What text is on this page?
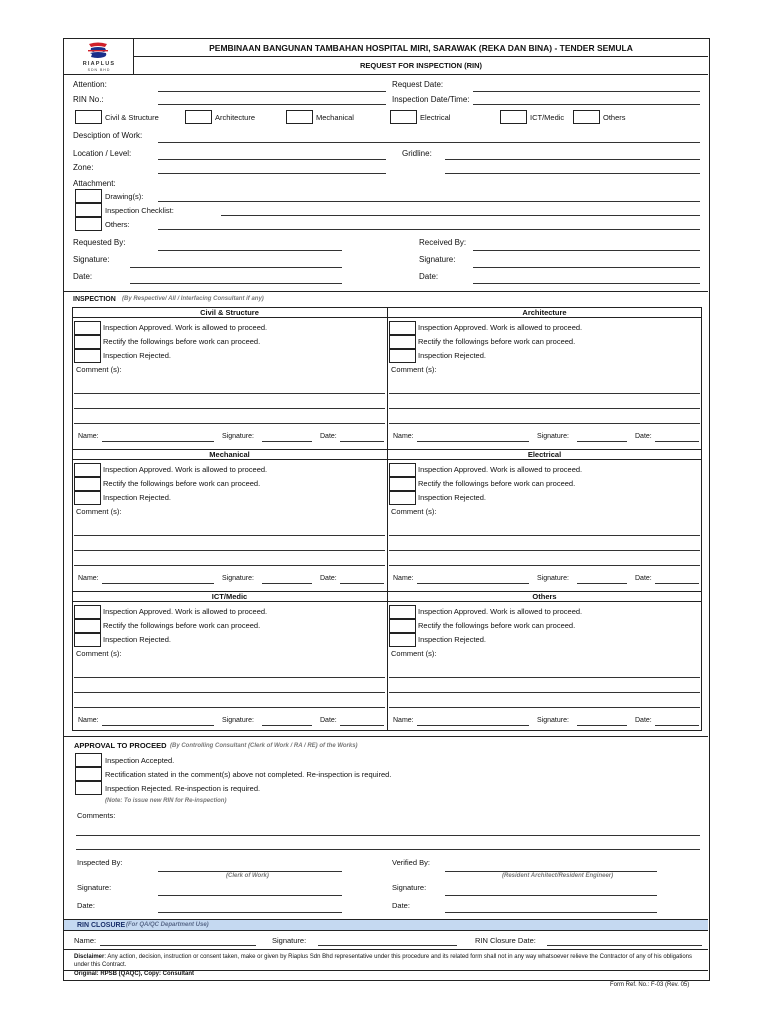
RIAPLUS
SDN BHD
PEMBINAAN BANGUNAN TAMBAHAN HOSPITAL MIRI, SARAWAK (REKA DAN BINA) - TENDER SEMULA
REQUEST FOR INSPECTION (RIN)
Attention:	Request Date:
RIN No.:	Inspection Date/Time:
Civil & Structure	Architecture	Mechanical	Electrical	ICT/Medic	Others
Desciption of Work:
Location / Level:	Gridline:
Zone:
Attachment:
Drawing(s):
Inspection Checklist:
Others:
Requested By:	Received By:
Signature:	Signature:
Date:	Date:
INSPECTION (By Respective/ All / Interfacing Consultant if any)
Civil & Structure
Inspection Approved. Work is allowed to proceed.
Rectify the followings before work can proceed.
Inspection Rejected.
Comment (s):
Name:	Signature:	Date:
Architecture
Inspection Approved. Work is allowed to proceed.
Rectify the followings before work can proceed.
Inspection Rejected.
Comment (s):
Name:	Signature:	Date:
Mechanical
Inspection Approved. Work is allowed to proceed.
Rectify the followings before work can proceed.
Inspection Rejected.
Comment (s):
Name:	Signature:	Date:
Electrical
Inspection Approved. Work is allowed to proceed.
Rectify the followings before work can proceed.
Inspection Rejected.
Comment (s):
Name:	Signature:	Date:
ICT/Medic
Inspection Approved. Work is allowed to proceed.
Rectify the followings before work can proceed.
Inspection Rejected.
Comment (s):
Name:	Signature:	Date:
Others
Inspection Approved. Work is allowed to proceed.
Rectify the followings before work can proceed.
Inspection Rejected.
Comment (s):
Name:	Signature:	Date:
APPROVAL TO PROCEED (By Controlling Consultant (Clerk of Work / RA / RE) of the Works)
Inspection Accepted.
Rectification stated in the comment(s) above not completed. Re-inspection is required.
Inspection Rejected. Re-inspection is required.
(Note: To issue new RIN for Re-inspection)
Comments:
Inspected By:
(Clerk of Work)
Verified By:
(Resident Architect/Resident Engineer)
Signature:	Signature:
Date:	Date:
RIN CLOSURE (For QA/QC Department Use)
Name:	Signature:	RIN Closure Date:
Disclaimer: Any action, decision, instruction or consent taken, make or given by Riaplus Sdn Bhd representative under this procedure and its related form shall not in any way whatsoever relieve the Contractor of any of his obligations under this Contract.
Original: RPSB (QAQC), Copy: Consultant
Form Ref. No.: F-03 (Rev. 05)
